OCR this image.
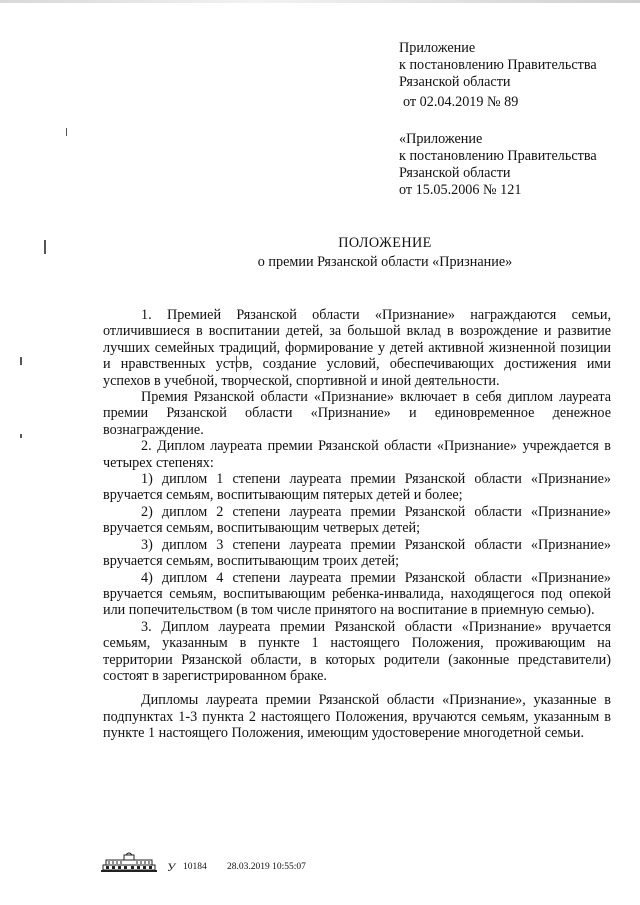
Приложение
к постановлению Правительства
Рязанской области
от 02.04.2019 № 89
«Приложение
к постановлению Правительства
Рязанской области
от 15.05.2006 № 121
ПОЛОЖЕНИЕ
о премии Рязанской области «Признание»

1. Премией Рязанской области «Признание» награждаются семьи, отличившиеся в воспитании детей, за большой вклад в возрождение и развитие лучших семейных традиций, формирование у детей активной жизненной позиции и нравственных устов, создание условий, обеспечивающих достижения ими успехов в учебной, творческой, спортивной и иной деятельности.

Премия Рязанской области «Признание» включает в себя диплом лауреата премии Рязанской области «Признание» и единовременное денежное вознаграждение.

2. Диплом лауреата премии Рязанской области «Признание» учреждается в четырех степенях:

1) диплом 1 степени лауреата премии Рязанской области «Признание» вручается семьям, воспитывающим пятерых детей и более;

2) диплом 2 степени лауреата премии Рязанской области «Признание» вручается семьям, воспитывающим четверых детей;

3) диплом 3 степени лауреата премии Рязанской области «Признание» вручается семьям, воспитывающим троих детей;

4) диплом 4 степени лауреата премии Рязанской области «Признание» вручается семьям, воспитывающим ребенка-инвалида, находящегося под опекой или попечительством (в том числе принятого на воспитание в приемную семью).

3. Диплом лауреата премии Рязанской области «Признание» вручается семьям, указанным в пункте 1 настоящего Положения, проживающим на территории Рязанской области, в которых родители (законные представители) состоят в зарегистрированном браке.

Дипломы лауреата премии Рязанской области «Признание», указанные в подпунктах 1-3 пункта 2 настоящего Положения, вручаются семьям, указанным в пункте 1 настоящего Положения, имеющим удостоверение многодетной семьи.

У 10184 28.03.2019 10:55:07
